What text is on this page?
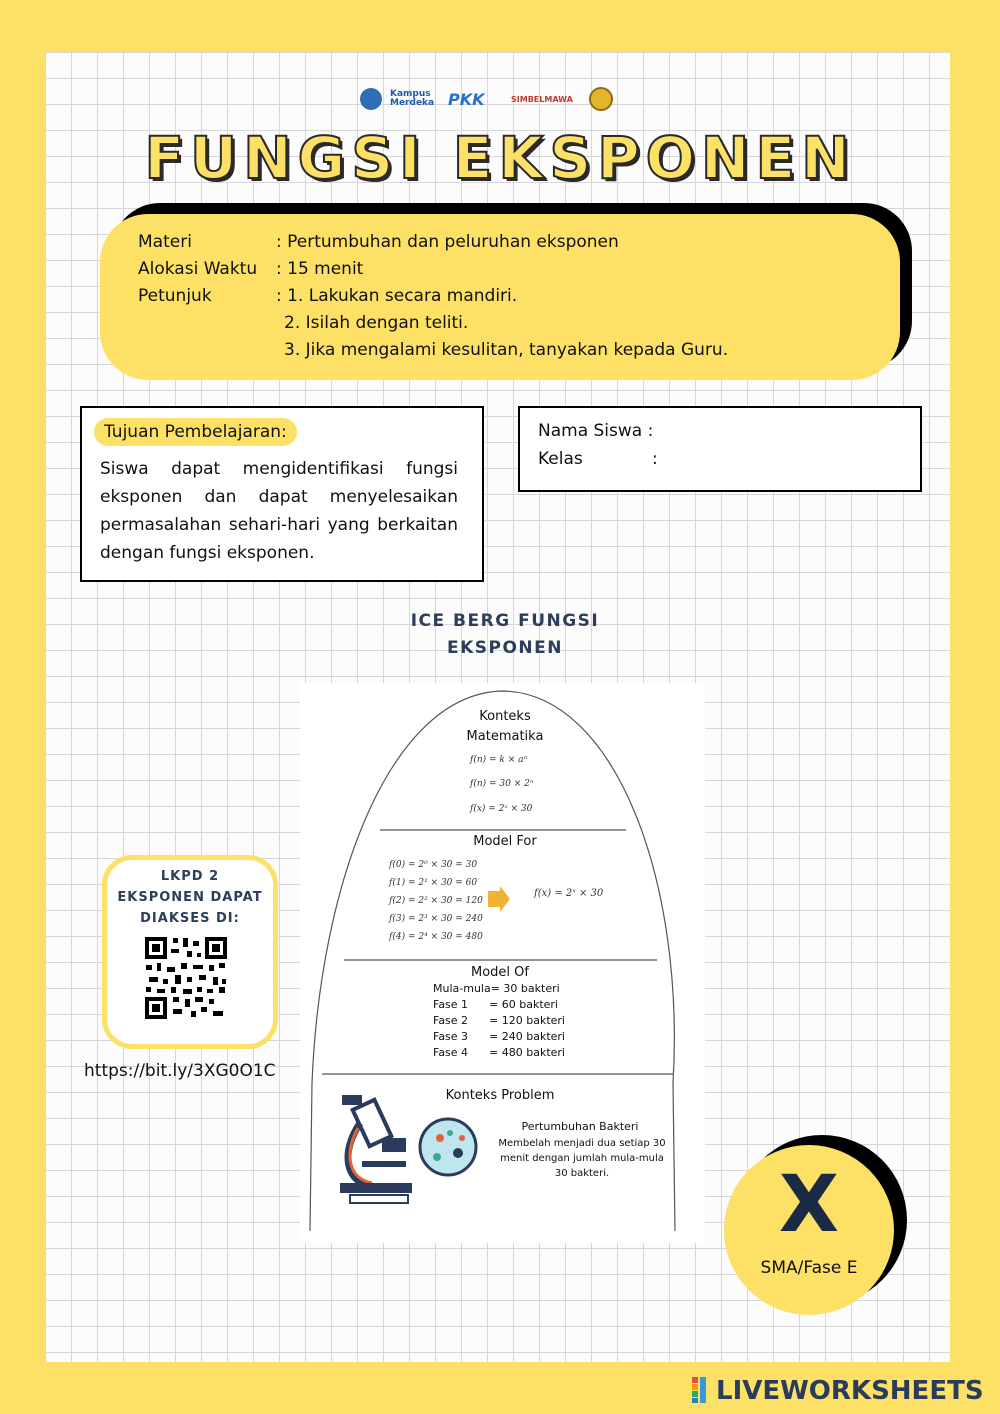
Kampus Merdeka PKK	SIMBELMAWA
FUNGSI EKSPONEN
Materi	: Pertumbuhan dan peluruhan eksponen
Alokasi Waktu : 15 menit
Petunjuk	: 1. Lakukan secara mandiri.
2. Isilah dengan teliti.
3. Jika mengalami kesulitan, tanyakan kepada Guru.
Tujuan Pembelajaran:
Siswa dapat mengidentifikasi fungsi eksponen dan dapat menyelesaikan permasalahan sehari-hari yang berkaitan dengan fungsi eksponen.
Nama Siswa :
Kelas	:
ICE BERG FUNGSI
EKSPONEN
Konteks
Matematika
f(n) = k × aⁿ
f(n) = 30 × 2ⁿ
f(x) = 2ˣ × 30
Model For
f(0) = 2⁰ × 30 = 30
f(1) = 2¹ × 30 = 60
f(2) = 2² × 30 = 120
f(3) = 2³ × 30 = 240
f(4) = 2⁴ × 30 = 480
f(x) = 2ˣ × 30
Model Of
Mula-mula= 30 bakteri
Fase 1      = 60 bakteri
Fase 2      = 120 bakteri
Fase 3      = 240 bakteri
Fase 4      = 480 bakteri
Konteks Problem
Pertumbuhan Bakteri
Membelah menjadi dua setiap 30 menit dengan jumlah mula-mula 30 bakteri.
LKPD 2
EKSPONEN DAPAT
DIAKSES DI:
https://bit.ly/3XG0O1C
X
SMA/Fase E
LIVEWORKSHEETS
